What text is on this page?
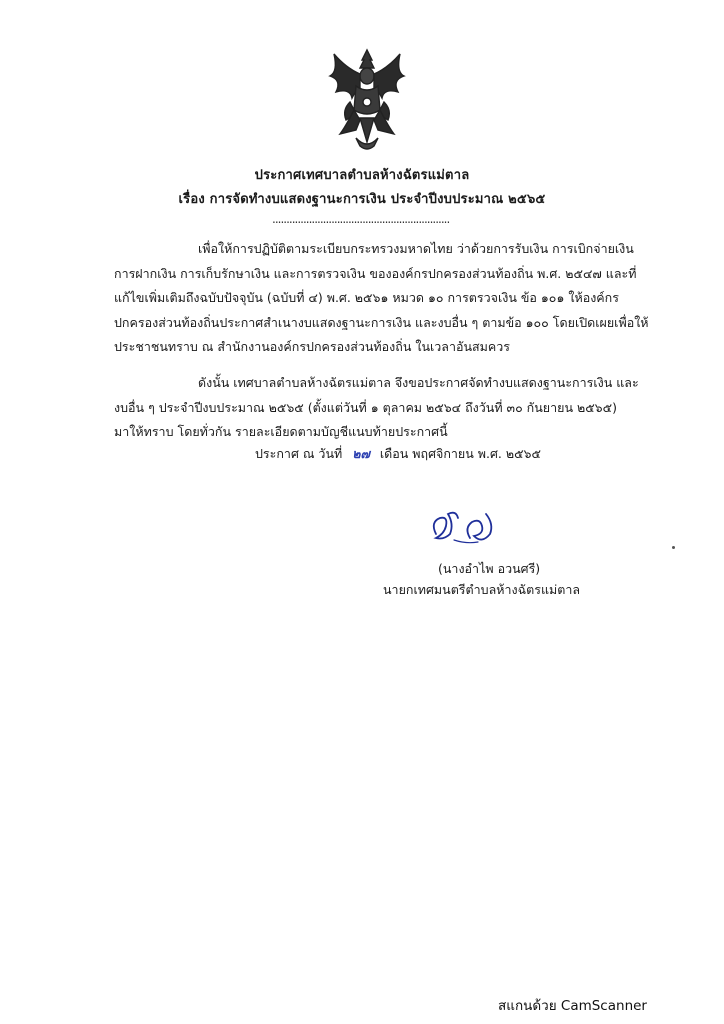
ประกาศเทศบาลตำบลห้างฉัตรแม่ตาล
เรื่อง การจัดทำงบแสดงฐานะการเงิน ประจำปีงบประมาณ ๒๕๖๕
...............................................................
เพื่อให้การปฏิบัติตามระเบียบกระทรวงมหาดไทย ว่าด้วยการรับเงิน การเบิกจ่ายเงิน
การฝากเงิน การเก็บรักษาเงิน และการตรวจเงิน ขององค์กรปกครองส่วนท้องถิ่น พ.ศ. ๒๕๔๗ และที่
แก้ไขเพิ่มเติมถึงฉบับปัจจุบัน (ฉบับที่ ๔) พ.ศ. ๒๕๖๑ หมวด ๑๐ การตรวจเงิน ข้อ ๑๐๑ ให้องค์กร
ปกครองส่วนท้องถิ่นประกาศสำเนางบแสดงฐานะการเงิน และงบอื่น ๆ ตามข้อ ๑๐๐ โดยเปิดเผยเพื่อให้
ประชาชนทราบ ณ สำนักงานองค์กรปกครองส่วนท้องถิ่น ในเวลาอันสมควร
ดังนั้น เทศบาลตำบลห้างฉัตรแม่ตาล จึงขอประกาศจัดทำงบแสดงฐานะการเงิน และ
งบอื่น ๆ ประจำปีงบประมาณ ๒๕๖๕ (ตั้งแต่วันที่ ๑ ตุลาคม ๒๕๖๔ ถึงวันที่ ๓๐ กันยายน ๒๕๖๕)
มาให้ทราบ โดยทั่วกัน รายละเอียดตามบัญชีแนบท้ายประกาศนี้
ประกาศ ณ วันที่ ๒๗ เดือน พฤศจิกายน พ.ศ. ๒๕๖๕
(นางอำไพ อวนศรี)
นายกเทศมนตรีตำบลห้างฉัตรแม่ตาล
สแกนด้วย CamScanner
